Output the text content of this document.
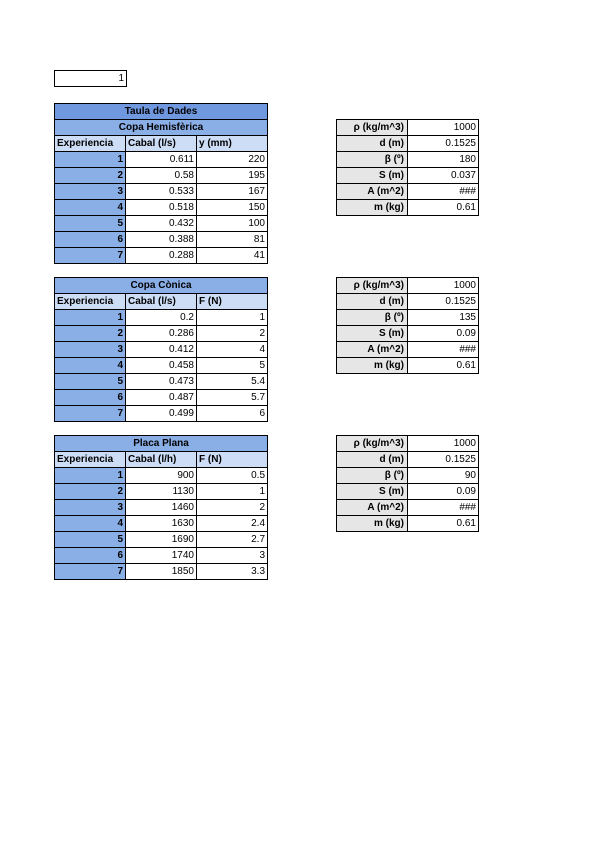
1
Taula de Dades		
Copa Hemisfèrica		
Experiencia	Cabal (l/s)	y (mm)
1	0.611	220
2	0.58	195
3	0.533	167
4	0.518	150
5	0.432	100
6	0.388	81
7	0.288	41
ρ (kg/m^3)	1000
d (m)	0.1525
β (º)	180
S (m)	0.037
A (m^2)	###
m (kg)	0.61
Copa Cònica		
Experiencia	Cabal (l/s)	F (N)
1	0.2	1
2	0.286	2
3	0.412	4
4	0.458	5
5	0.473	5.4
6	0.487	5.7
7	0.499	6
ρ (kg/m^3)	1000
d (m)	0.1525
β (º)	135
S (m)	0.09
A (m^2)	###
m (kg)	0.61
Placa Plana		
Experiencia	Cabal (l/h)	F (N)
1	900	0.5
2	1130	1
3	1460	2
4	1630	2.4
5	1690	2.7
6	1740	3
7	1850	3.3
ρ (kg/m^3)	1000
d (m)	0.1525
β (º)	90
S (m)	0.09
A (m^2)	###
m (kg)	0.61
